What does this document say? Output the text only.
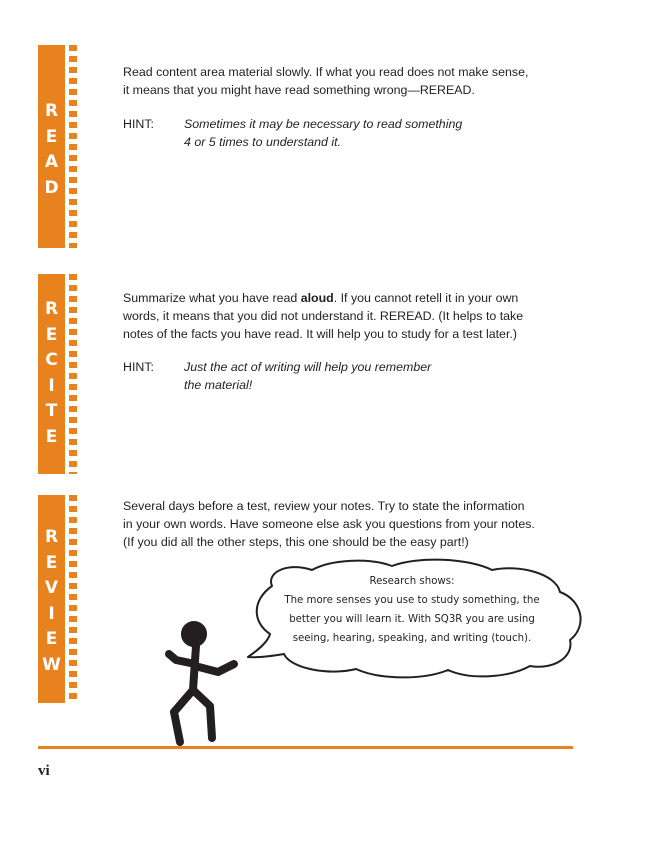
R
E
A
D

Read content area material slowly. If what you read does not make sense,
it means that you might have read something wrong—REREAD.

HINT: Sometimes it may be necessary to read something
4 or 5 times to understand it.
R
E
C
I
T
E

Summarize what you have read aloud. If you cannot retell it in your own
words, it means that you did not understand it. REREAD. (It helps to take
notes of the facts you have read. It will help you to study for a test later.)

HINT: Just the act of writing will help you remember
the material!
R
E
V
I
E
W

Several days before a test, review your notes. Try to state the information
in your own words. Have someone else ask you questions from your notes.
(If you did all the other steps, this one should be the easy part!)

Research shows:
The more senses you use to study something, the
better you will learn it. With SQ3R you are using
seeing, hearing, speaking, and writing (touch).
vi
